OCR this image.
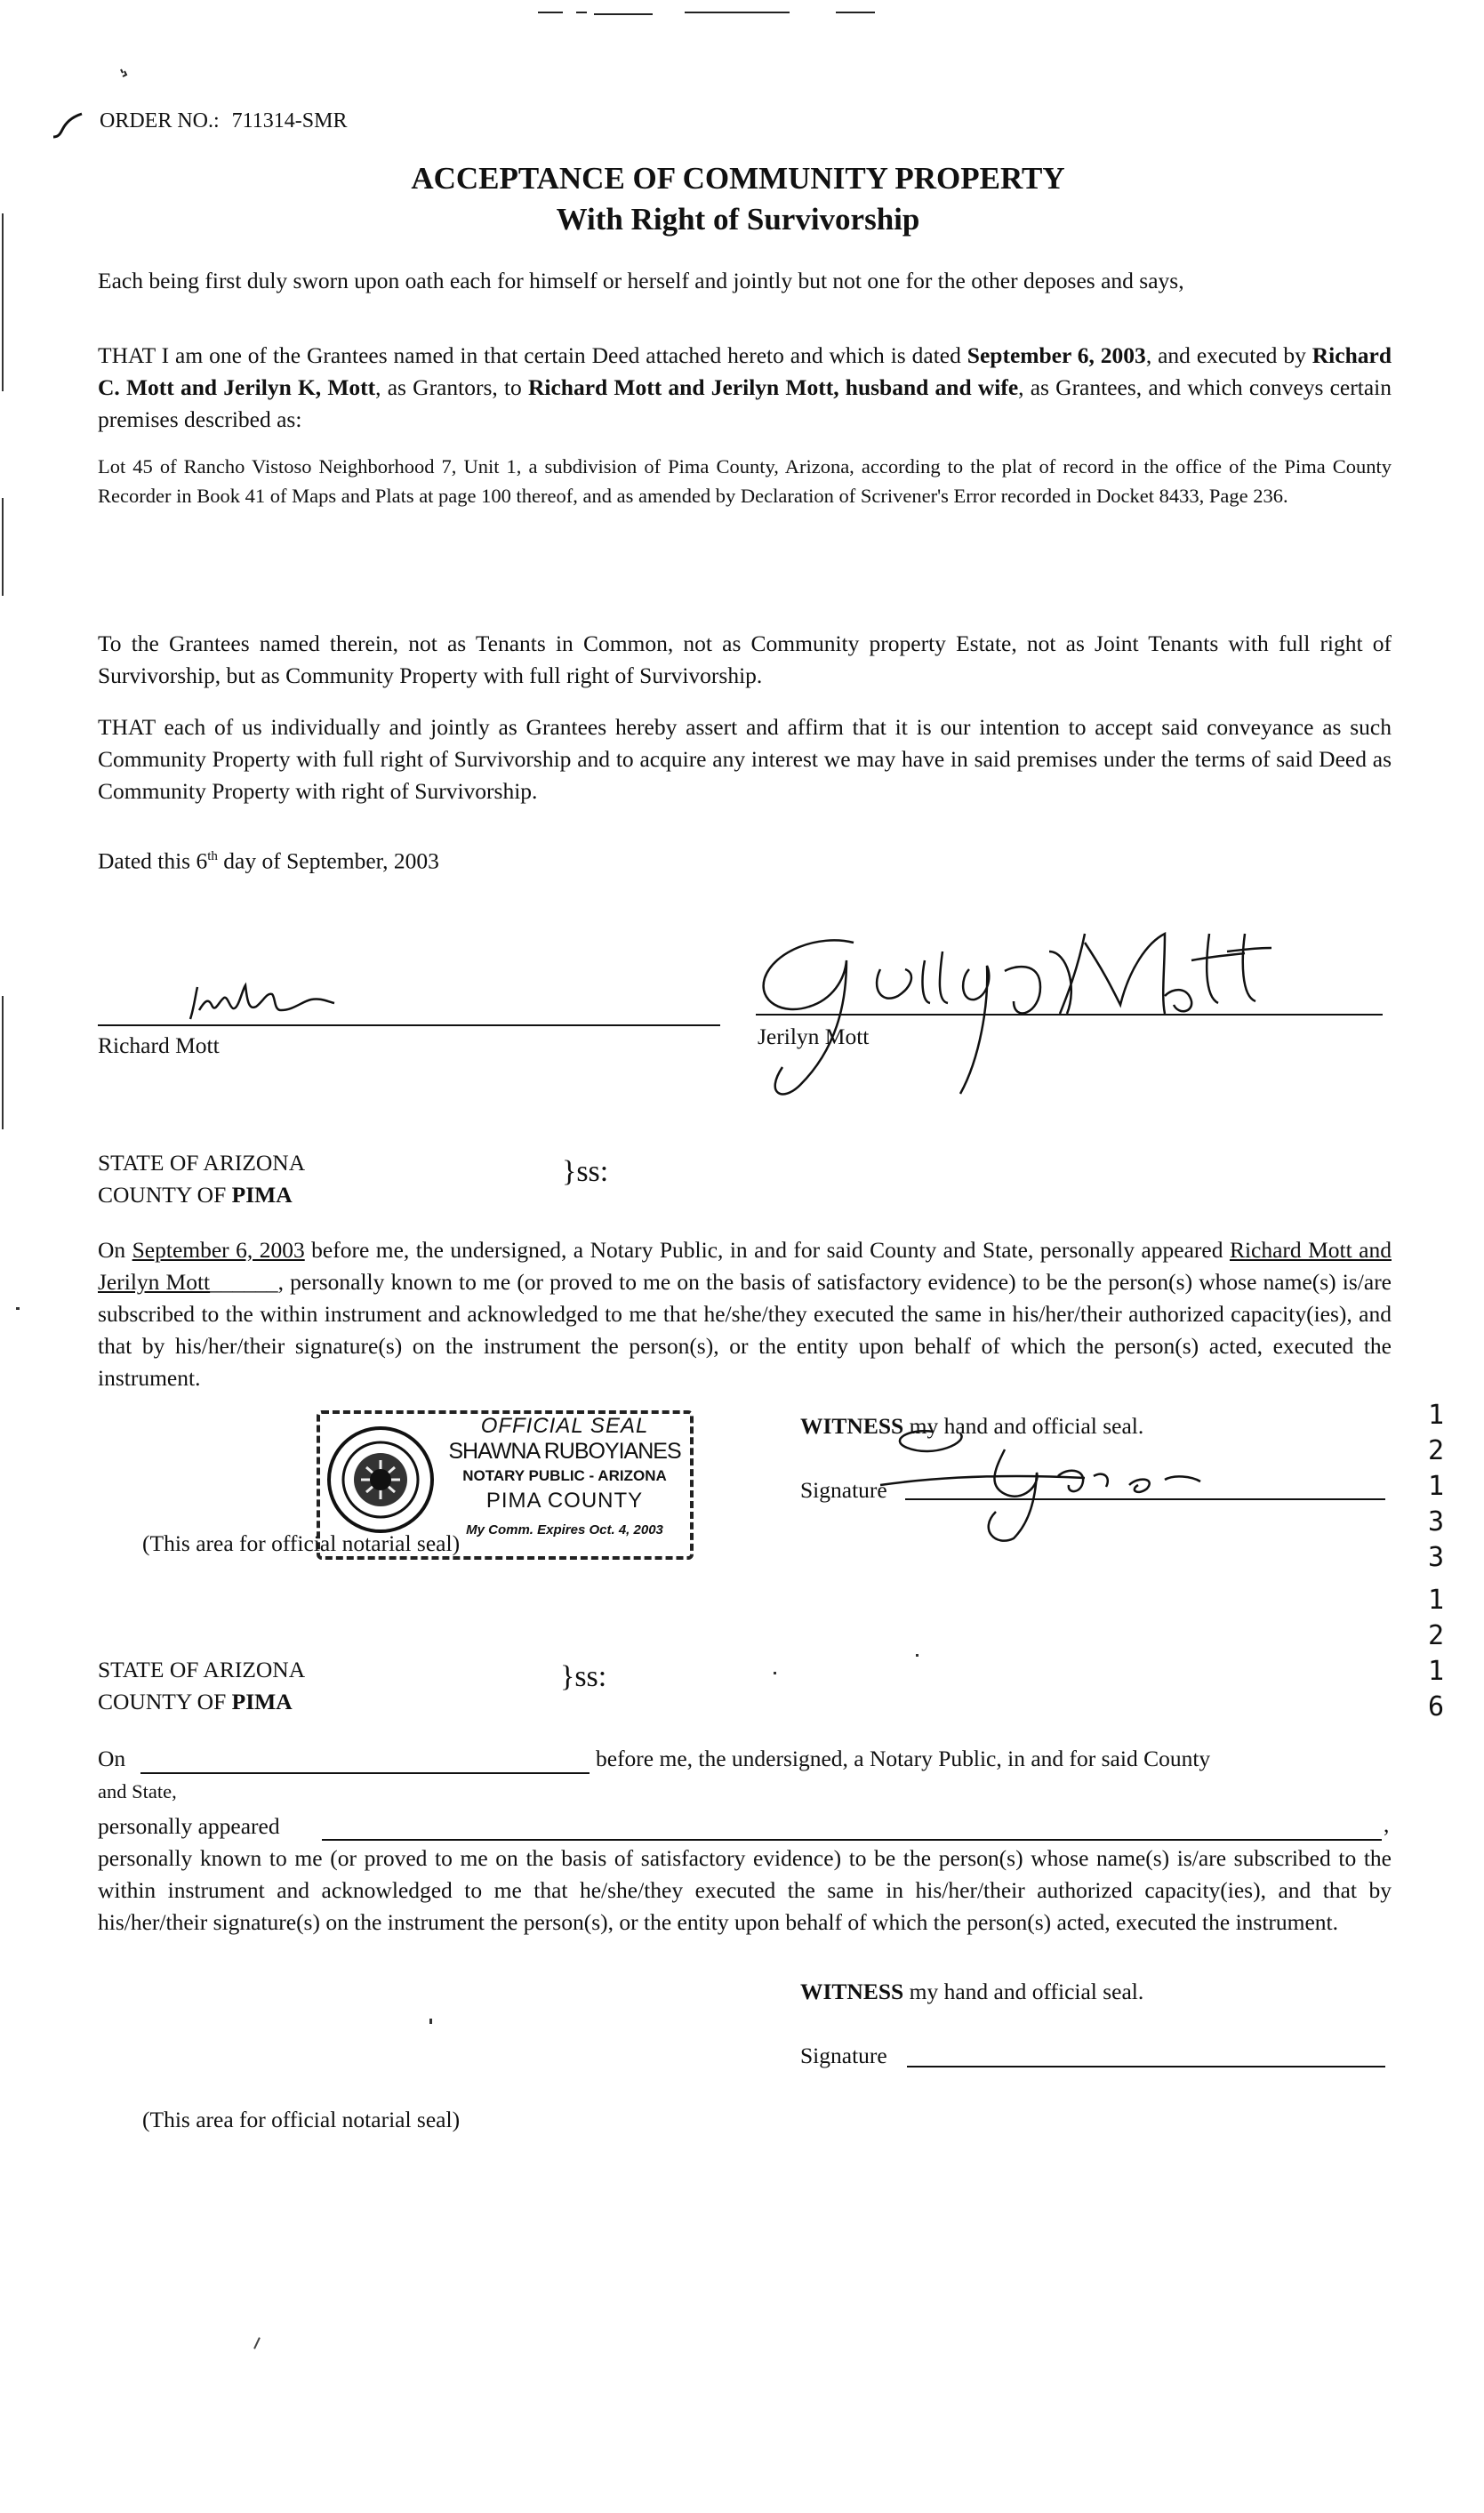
ORDER NO.: 711314-SMR
ACCEPTANCE OF COMMUNITY PROPERTY
With Right of Survivorship
Each being first duly sworn upon oath each for himself or herself and jointly but not one for the other deposes and says,
THAT I am one of the Grantees named in that certain Deed attached hereto and which is dated September 6, 2003, and executed by Richard C. Mott and Jerilyn K, Mott, as Grantors, to Richard Mott and Jerilyn Mott, husband and wife, as Grantees, and which conveys certain premises described as:
Lot 45 of Rancho Vistoso Neighborhood 7, Unit 1, a subdivision of Pima County, Arizona, according to the plat of record in the office of the Pima County Recorder in Book 41 of Maps and Plats at page 100 thereof, and as amended by Declaration of Scrivener's Error recorded in Docket 8433, Page 236.
To the Grantees named therein, not as Tenants in Common, not as Community property Estate, not as Joint Tenants with full right of Survivorship, but as Community Property with full right of Survivorship.
THAT each of us individually and jointly as Grantees hereby assert and affirm that it is our intention to accept said conveyance as such Community Property with full right of Survivorship and to acquire any interest we may have in said premises under the terms of said Deed as Community Property with right of Survivorship.
Dated this 6th day of September, 2003
Richard Mott	Jerilyn Mott
STATE OF ARIZONA
COUNTY OF PIMA
}ss:
On September 6, 2003 before me, the undersigned, a Notary Public, in and for said County and State, personally appeared Richard Mott and Jerilyn Mott______, personally known to me (or proved to me on the basis of satisfactory evidence) to be the person(s) whose name(s) is/are subscribed to the within instrument and acknowledged to me that he/she/they executed the same in his/her/their authorized capacity(ies), and that by his/her/their signature(s) on the instrument the person(s), or the entity upon behalf of which the person(s) acted, executed the instrument.
OFFICIAL SEAL
SHAWNA RUBOYIANES
NOTARY PUBLIC - ARIZONA
PIMA COUNTY
My Comm. Expires Oct. 4, 2003
(This area for official notarial seal)
WITNESS my hand and official seal.
Signature
STATE OF ARIZONA
COUNTY OF PIMA
}ss:
On	before me, the undersigned, a Notary Public, in and for said County
and State,
personally appeared	,
personally known to me (or proved to me on the basis of satisfactory evidence) to be the person(s) whose name(s) is/are subscribed to the within instrument and acknowledged to me that he/she/they executed the same in his/her/their authorized capacity(ies), and that by his/her/their signature(s) on the instrument the person(s), or the entity upon behalf of which the person(s) acted, executed the instrument.
WITNESS my hand and official seal.
Signature
(This area for official notarial seal)
1
2
1
3
3
1
2
1
6
